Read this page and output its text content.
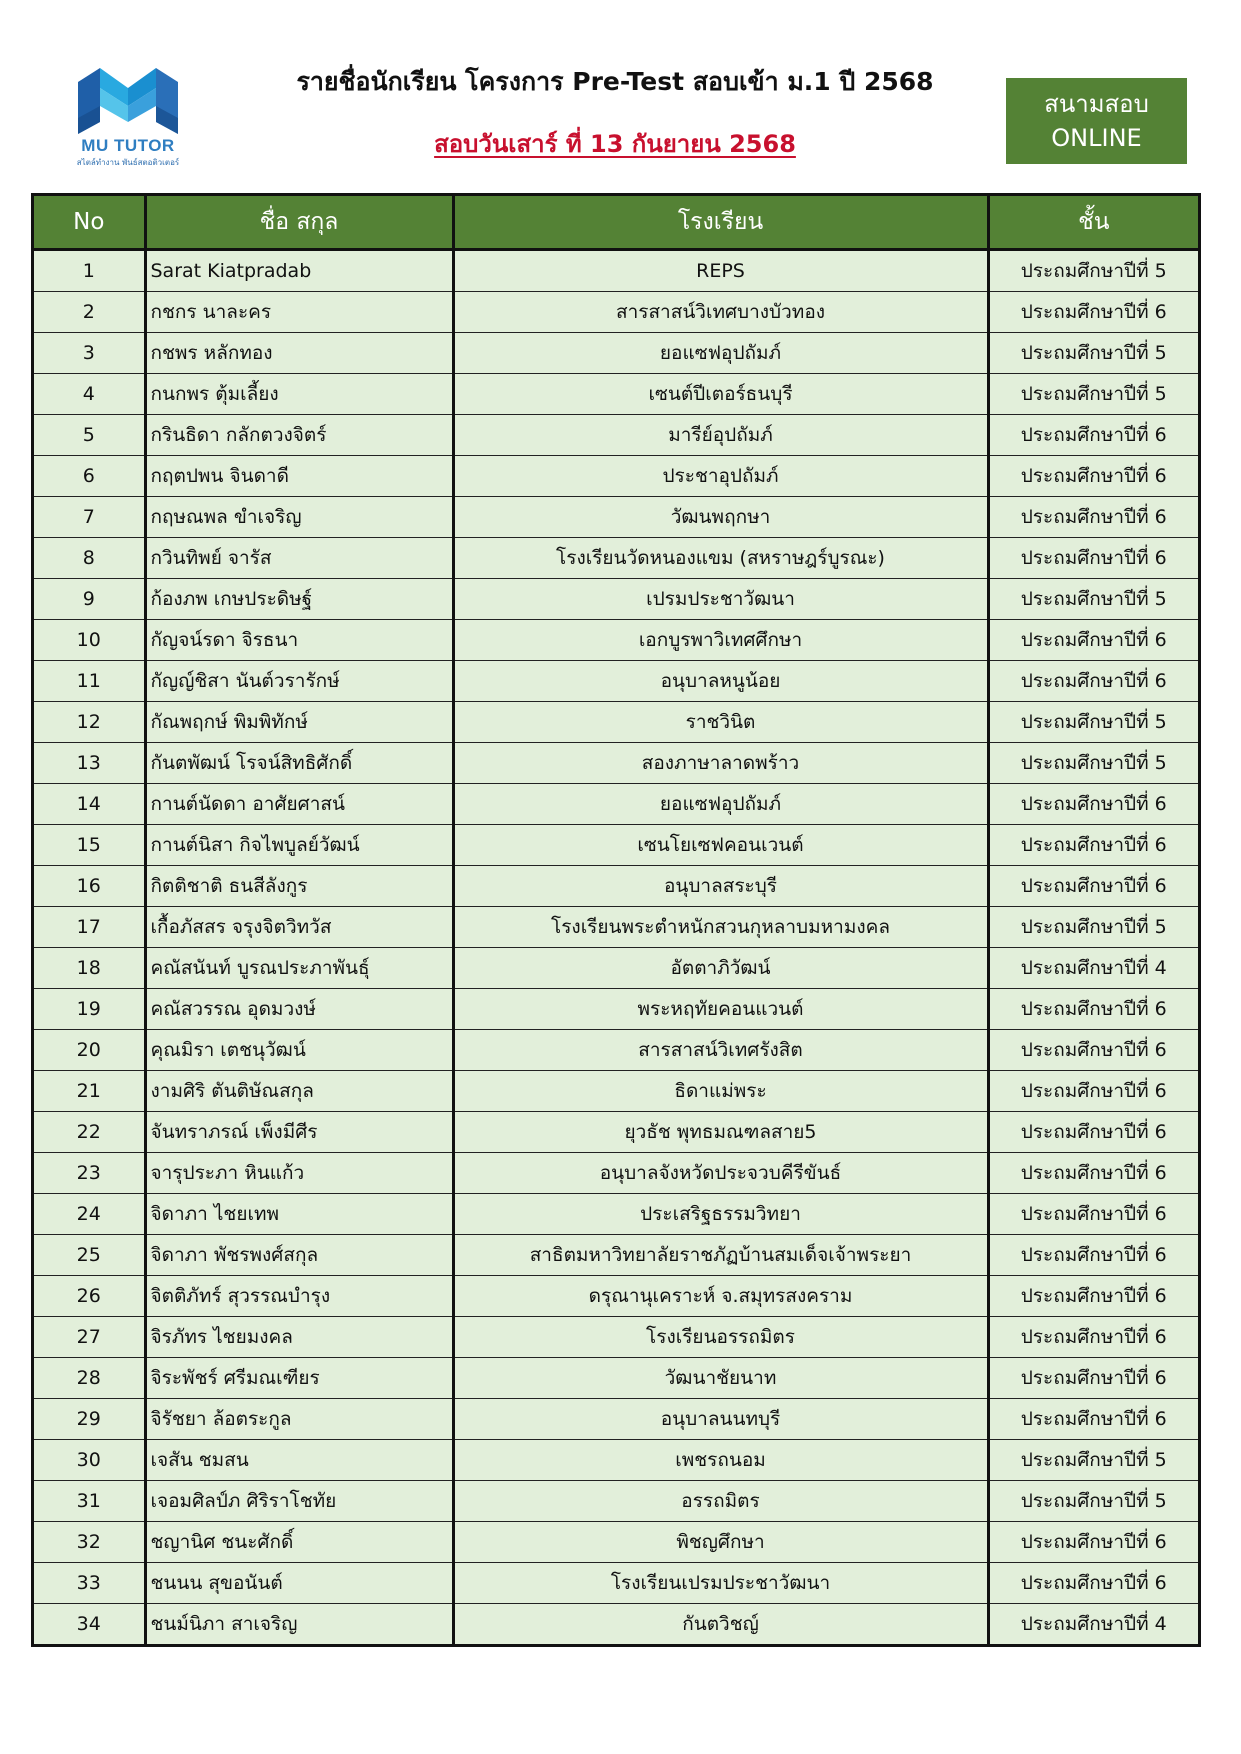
MU TUTOR
สไตล์ทำงาน พันธ์สตอติวเตอร์
รายชื่อนักเรียน โครงการ Pre-Test สอบเข้า ม.1 ปี 2568
สอบวันเสาร์ ที่ 13 กันยายน 2568
สนามสอบ
ONLINE
No	ชื่อ สกุล	โรงเรียน	ชั้น
1	Sarat Kiatpradab	REPS	ประถมศึกษาปีที่ 5
2	กชกร นาละคร	สารสาสน์วิเทศบางบัวทอง	ประถมศึกษาปีที่ 6
3	กชพร หลักทอง	ยอแซฟอุปถัมภ์	ประถมศึกษาปีที่ 5
4	กนกพร ตุ้มเลี้ยง	เซนต์ปีเตอร์ธนบุรี	ประถมศึกษาปีที่ 5
5	กรินธิดา กลักตวงจิตร์	มารีย์อุปถัมภ์	ประถมศึกษาปีที่ 6
6	กฤตปพน จินดาดี	ประชาอุปถัมภ์	ประถมศึกษาปีที่ 6
7	กฤษณพล ขำเจริญ	วัฒนพฤกษา	ประถมศึกษาปีที่ 6
8	กวินทิพย์ จารัส	โรงเรียนวัดหนองแขม (สหราษฎร์บูรณะ)	ประถมศึกษาปีที่ 6
9	ก้องภพ เกษประดิษฐ์	เปรมประชาวัฒนา	ประถมศึกษาปีที่ 5
10	กัญจน์รดา จิรธนา	เอกบูรพาวิเทศศึกษา	ประถมศึกษาปีที่ 6
11	กัญญ์ชิสา นันต์วรารักษ์	อนุบาลหนูน้อย	ประถมศึกษาปีที่ 6
12	กัณพฤกษ์ พิมพิทักษ์	ราชวินิต	ประถมศึกษาปีที่ 5
13	กันตพัฒน์ โรจน์สิทธิศักดิ์	สองภาษาลาดพร้าว	ประถมศึกษาปีที่ 5
14	กานต์นัดดา อาศัยศาสน์	ยอแซฟอุปถัมภ์	ประถมศึกษาปีที่ 6
15	กานต์นิสา กิจไพบูลย์วัฒน์	เซนโยเซฟคอนเวนต์	ประถมศึกษาปีที่ 6
16	กิตติชาติ ธนสีลังกูร	อนุบาลสระบุรี	ประถมศึกษาปีที่ 6
17	เกื้อภัสสร จรุงจิตวิทวัส	โรงเรียนพระตำหนักสวนกุหลาบมหามงคล	ประถมศึกษาปีที่ 5
18	คณัสนันท์ บูรณประภาพันธุ์	อัตตาภิวัฒน์	ประถมศึกษาปีที่ 4
19	คณัสวรรณ อุดมวงษ์	พระหฤทัยคอนแวนต์	ประถมศึกษาปีที่ 6
20	คุณมิรา เตชนุวัฒน์	สารสาสน์วิเทศรังสิต	ประถมศึกษาปีที่ 6
21	งามศิริ ตันติษัณสกุล	ธิดาแม่พระ	ประถมศึกษาปีที่ 6
22	จันทราภรณ์ เพ็งมีศีร	ยุวธัช พุทธมณฑลสาย5	ประถมศึกษาปีที่ 6
23	จารุประภา หินแก้ว	อนุบาลจังหวัดประจวบคีรีขันธ์	ประถมศึกษาปีที่ 6
24	จิดาภา ไชยเทพ	ประเสริฐธรรมวิทยา	ประถมศึกษาปีที่ 6
25	จิดาภา พัชรพงศ์สกุล	สาธิตมหาวิทยาลัยราชภัฏบ้านสมเด็จเจ้าพระยา	ประถมศึกษาปีที่ 6
26	จิตติภัทร์ สุวรรณบำรุง	ดรุณานุเคราะห์ จ.สมุทรสงคราม	ประถมศึกษาปีที่ 6
27	จิรภัทร ไชยมงคล	โรงเรียนอรรถมิตร	ประถมศึกษาปีที่ 6
28	จิระพัชร์ ศรีมณเฑียร	วัฒนาชัยนาท	ประถมศึกษาปีที่ 6
29	จิรัชยา ล้อตระกูล	อนุบาลนนทบุรี	ประถมศึกษาปีที่ 6
30	เจสัน ชมสน	เพชรถนอม	ประถมศึกษาปีที่ 5
31	เจอมศิลป์ภ ศิริราโชทัย	อรรถมิตร	ประถมศึกษาปีที่ 5
32	ชญานิศ ชนะศักดิ์	พิชญศึกษา	ประถมศึกษาปีที่ 6
33	ชนนน สุขอนันต์	โรงเรียนเปรมประชาวัฒนา	ประถมศึกษาปีที่ 6
34	ชนม์นิภา สาเจริญ	กันตวิชญ์	ประถมศึกษาปีที่ 4
